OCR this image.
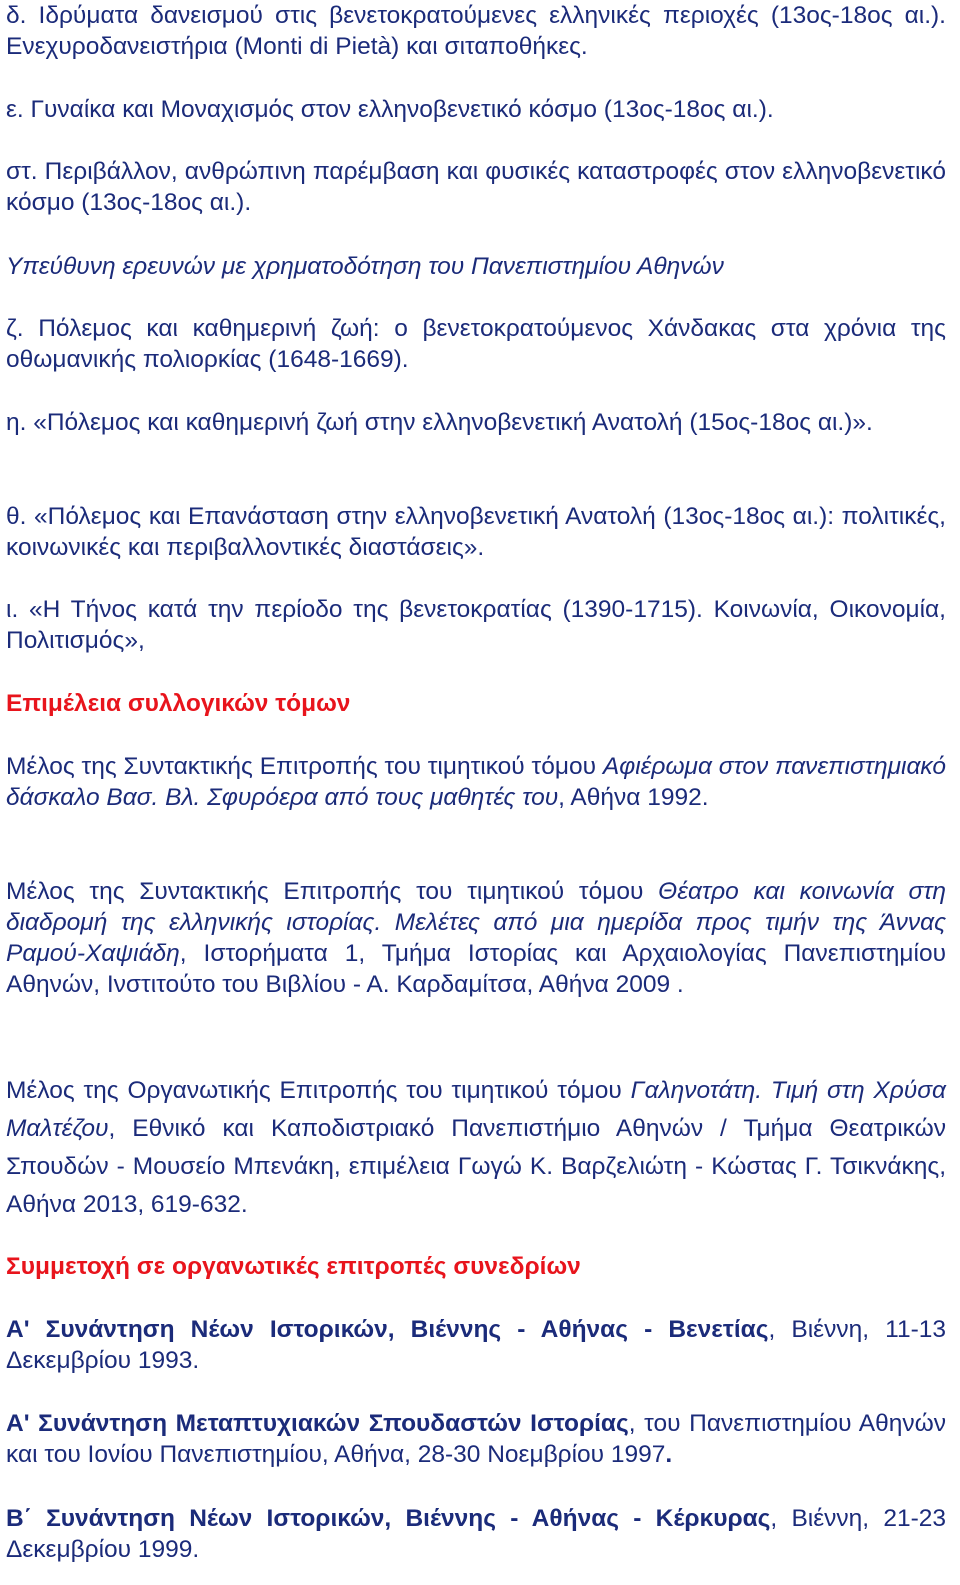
δ. Ιδρύματα δανεισμού στις βενετοκρατούμενες ελληνικές περιοχές (13ος-18ος αι.). Ενεχυροδανειστήρια (Monti di Pietà) και σιταποθήκες.

ε. Γυναίκα και Μοναχισμός στον ελληνοβενετικό κόσμο (13ος-18ος αι.).

στ. Περιβάλλον, ανθρώπινη παρέμβαση και φυσικές καταστροφές στον ελληνοβενετικό κόσμο (13ος-18ος αι.).

Υπεύθυνη ερευνών με χρηματοδότηση του Πανεπιστημίου Αθηνών

ζ. Πόλεμος και καθημερινή ζωή: ο βενετοκρατούμενος Χάνδακας στα χρόνια της οθωμανικής πολιορκίας (1648-1669).

η. «Πόλεμος και καθημερινή ζωή στην ελληνοβενετική Ανατολή (15ος-18ος αι.)».

θ. «Πόλεμος και Επανάσταση στην ελληνοβενετική Ανατολή (13ος-18ος αι.): πολιτικές, κοινωνικές και περιβαλλοντικές διαστάσεις».

ι. «Η Τήνος κατά την περίοδο της βενετοκρατίας (1390-1715). Κοινωνία, Οικονομία, Πολιτισμός»,

Επιμέλεια συλλογικών τόμων

Μέλος της Συντακτικής Επιτροπής του τιμητικού τόμου Αφιέρωμα στον πανεπιστημιακό δάσκαλο Βασ. Βλ. Σφυρόερα από τους μαθητές του, Αθήνα 1992.

Μέλος της Συντακτικής Επιτροπής του τιμητικού τόμου Θέατρο και κοινωνία στη διαδρομή της ελληνικής ιστορίας. Μελέτες από μια ημερίδα προς τιμήν της Άννας Ραμού-Χαψιάδη, Ιστορήματα 1, Τμήμα Ιστορίας και Αρχαιολογίας Πανεπιστημίου Αθηνών, Ινστιτούτο του Βιβλίου - Α. Καρδαμίτσα, Αθήνα 2009 .

Μέλος της Οργανωτικής Επιτροπής του τιμητικού τόμου Γαληνοτάτη. Τιμή στη Χρύσα Μαλτέζου, Εθνικό και Καποδιστριακό Πανεπιστήμιο Αθηνών / Τμήμα Θεατρικών Σπουδών - Μουσείο Μπενάκη, επιμέλεια Γωγώ Κ. Βαρζελιώτη - Κώστας Γ. Τσικνάκης, Αθήνα 2013, 619-632.

Συμμετοχή σε οργανωτικές επιτροπές συνεδρίων

Α' Συνάντηση Νέων Ιστορικών, Βιέννης - Αθήνας - Βενετίας, Βιέννη, 11-13 Δεκεμβρίου 1993.

Α' Συνάντηση Μεταπτυχιακών Σπουδαστών Ιστορίας, του Πανεπιστημίου Αθηνών και του Ιονίου Πανεπιστημίου, Αθήνα, 28-30 Νοεμβρίου 1997.

Β΄ Συνάντηση Νέων Ιστορικών, Βιέννης - Αθήνας - Κέρκυρας, Βιέννη, 21-23 Δεκεμβρίου 1999.
